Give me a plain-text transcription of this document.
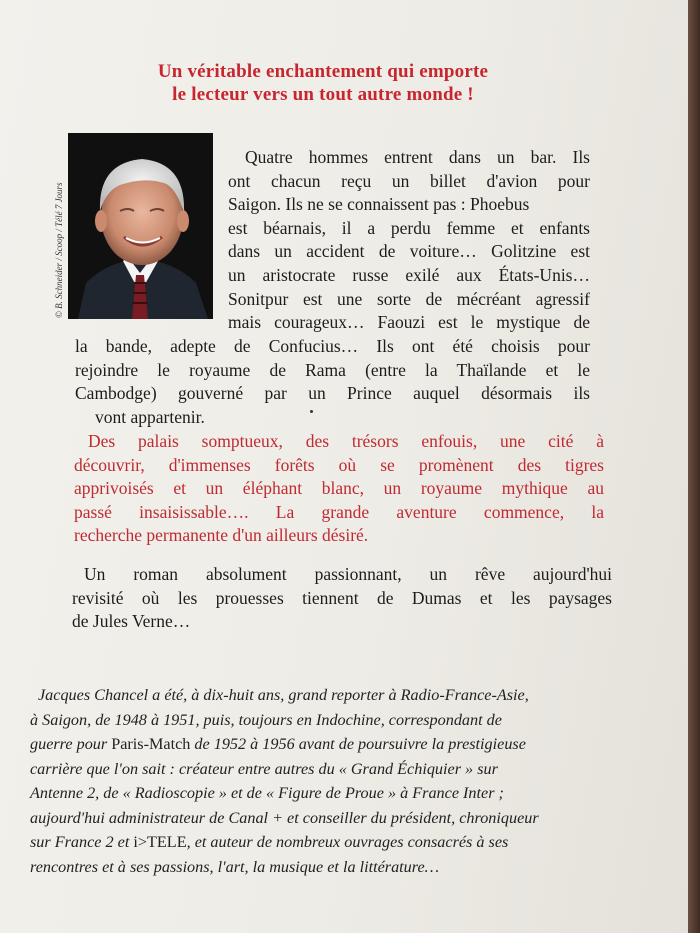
Un véritable enchantement qui emporte
le lecteur vers un tout autre monde !
© B. Schneider / Scoop / Télé 7 Jours
Quatre hommes entrent dans un bar. Ils
ont chacun reçu un billet d'avion pour
Saigon. Ils ne se connaissent pas : Phoebus
est béarnais, il a perdu femme et enfants
dans un accident de voiture… Golitzine est
un aristocrate russe exilé aux États-Unis…
Sonitpur est une sorte de mécréant agressif
mais courageux… Faouzi est le mystique de
la bande, adepte de Confucius… Ils ont été choisis pour
rejoindre le royaume de Rama (entre la Thaïlande et le
Cambodge) gouverné par un Prince auquel désormais ils
vont appartenir.
Des palais somptueux, des trésors enfouis, une cité à
découvrir, d'immenses forêts où se promènent des tigres
apprivoisés et un éléphant blanc, un royaume mythique au
passé insaisissable…. La grande aventure commence, la
recherche permanente d'un ailleurs désiré.
Un roman absolument passionnant, un rêve aujourd'hui
revisité où les prouesses tiennent de Dumas et les paysages
de Jules Verne…
Jacques Chancel a été, à dix-huit ans, grand reporter à Radio-France-Asie,
à Saigon, de 1948 à 1951, puis, toujours en Indochine, correspondant de
guerre pour Paris-Match de 1952 à 1956 avant de poursuivre la prestigieuse
carrière que l'on sait : créateur entre autres du « Grand Échiquier » sur
Antenne 2, de « Radioscopie » et de « Figure de Proue » à France Inter ;
aujourd'hui administrateur de Canal + et conseiller du président, chroniqueur
sur France 2 et i>TELE, et auteur de nombreux ouvrages consacrés à ses
rencontres et à ses passions, l'art, la musique et la littérature…
